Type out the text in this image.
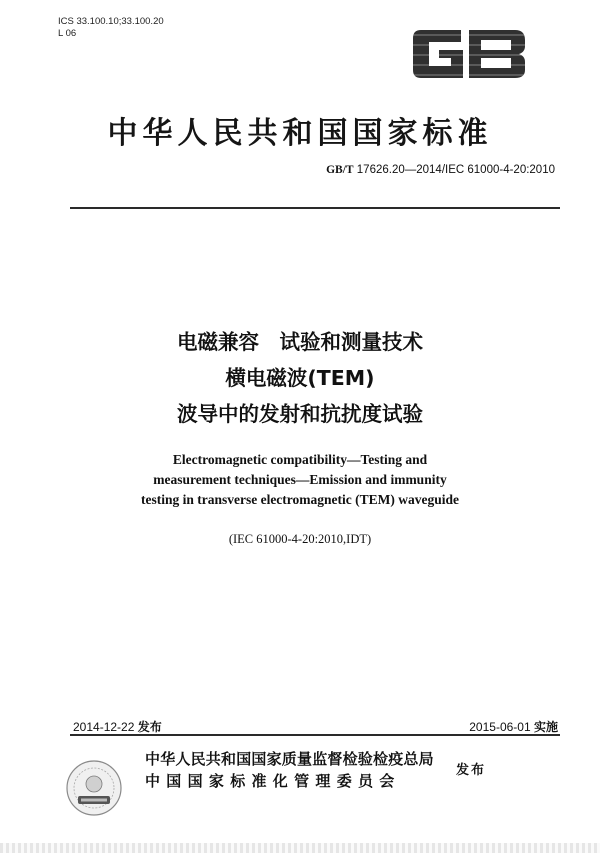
ICS 33.100.10;33.100.20
L 06
中华人民共和国国家标准
GB/T 17626.20—2014/IEC 61000-4-20:2010
电磁兼容　试验和测量技术
横电磁波(TEM)
波导中的发射和抗扰度试验
Electromagnetic compatibility—Testing and
measurement techniques—Emission and immunity
testing in transverse electromagnetic (TEM) waveguide
(IEC 61000-4-20:2010,IDT)
2014-12-22 发布	2015-06-01 实施
中华人民共和国国家质量监督检验检疫总局
中国国家标准化管理委员会
发布
